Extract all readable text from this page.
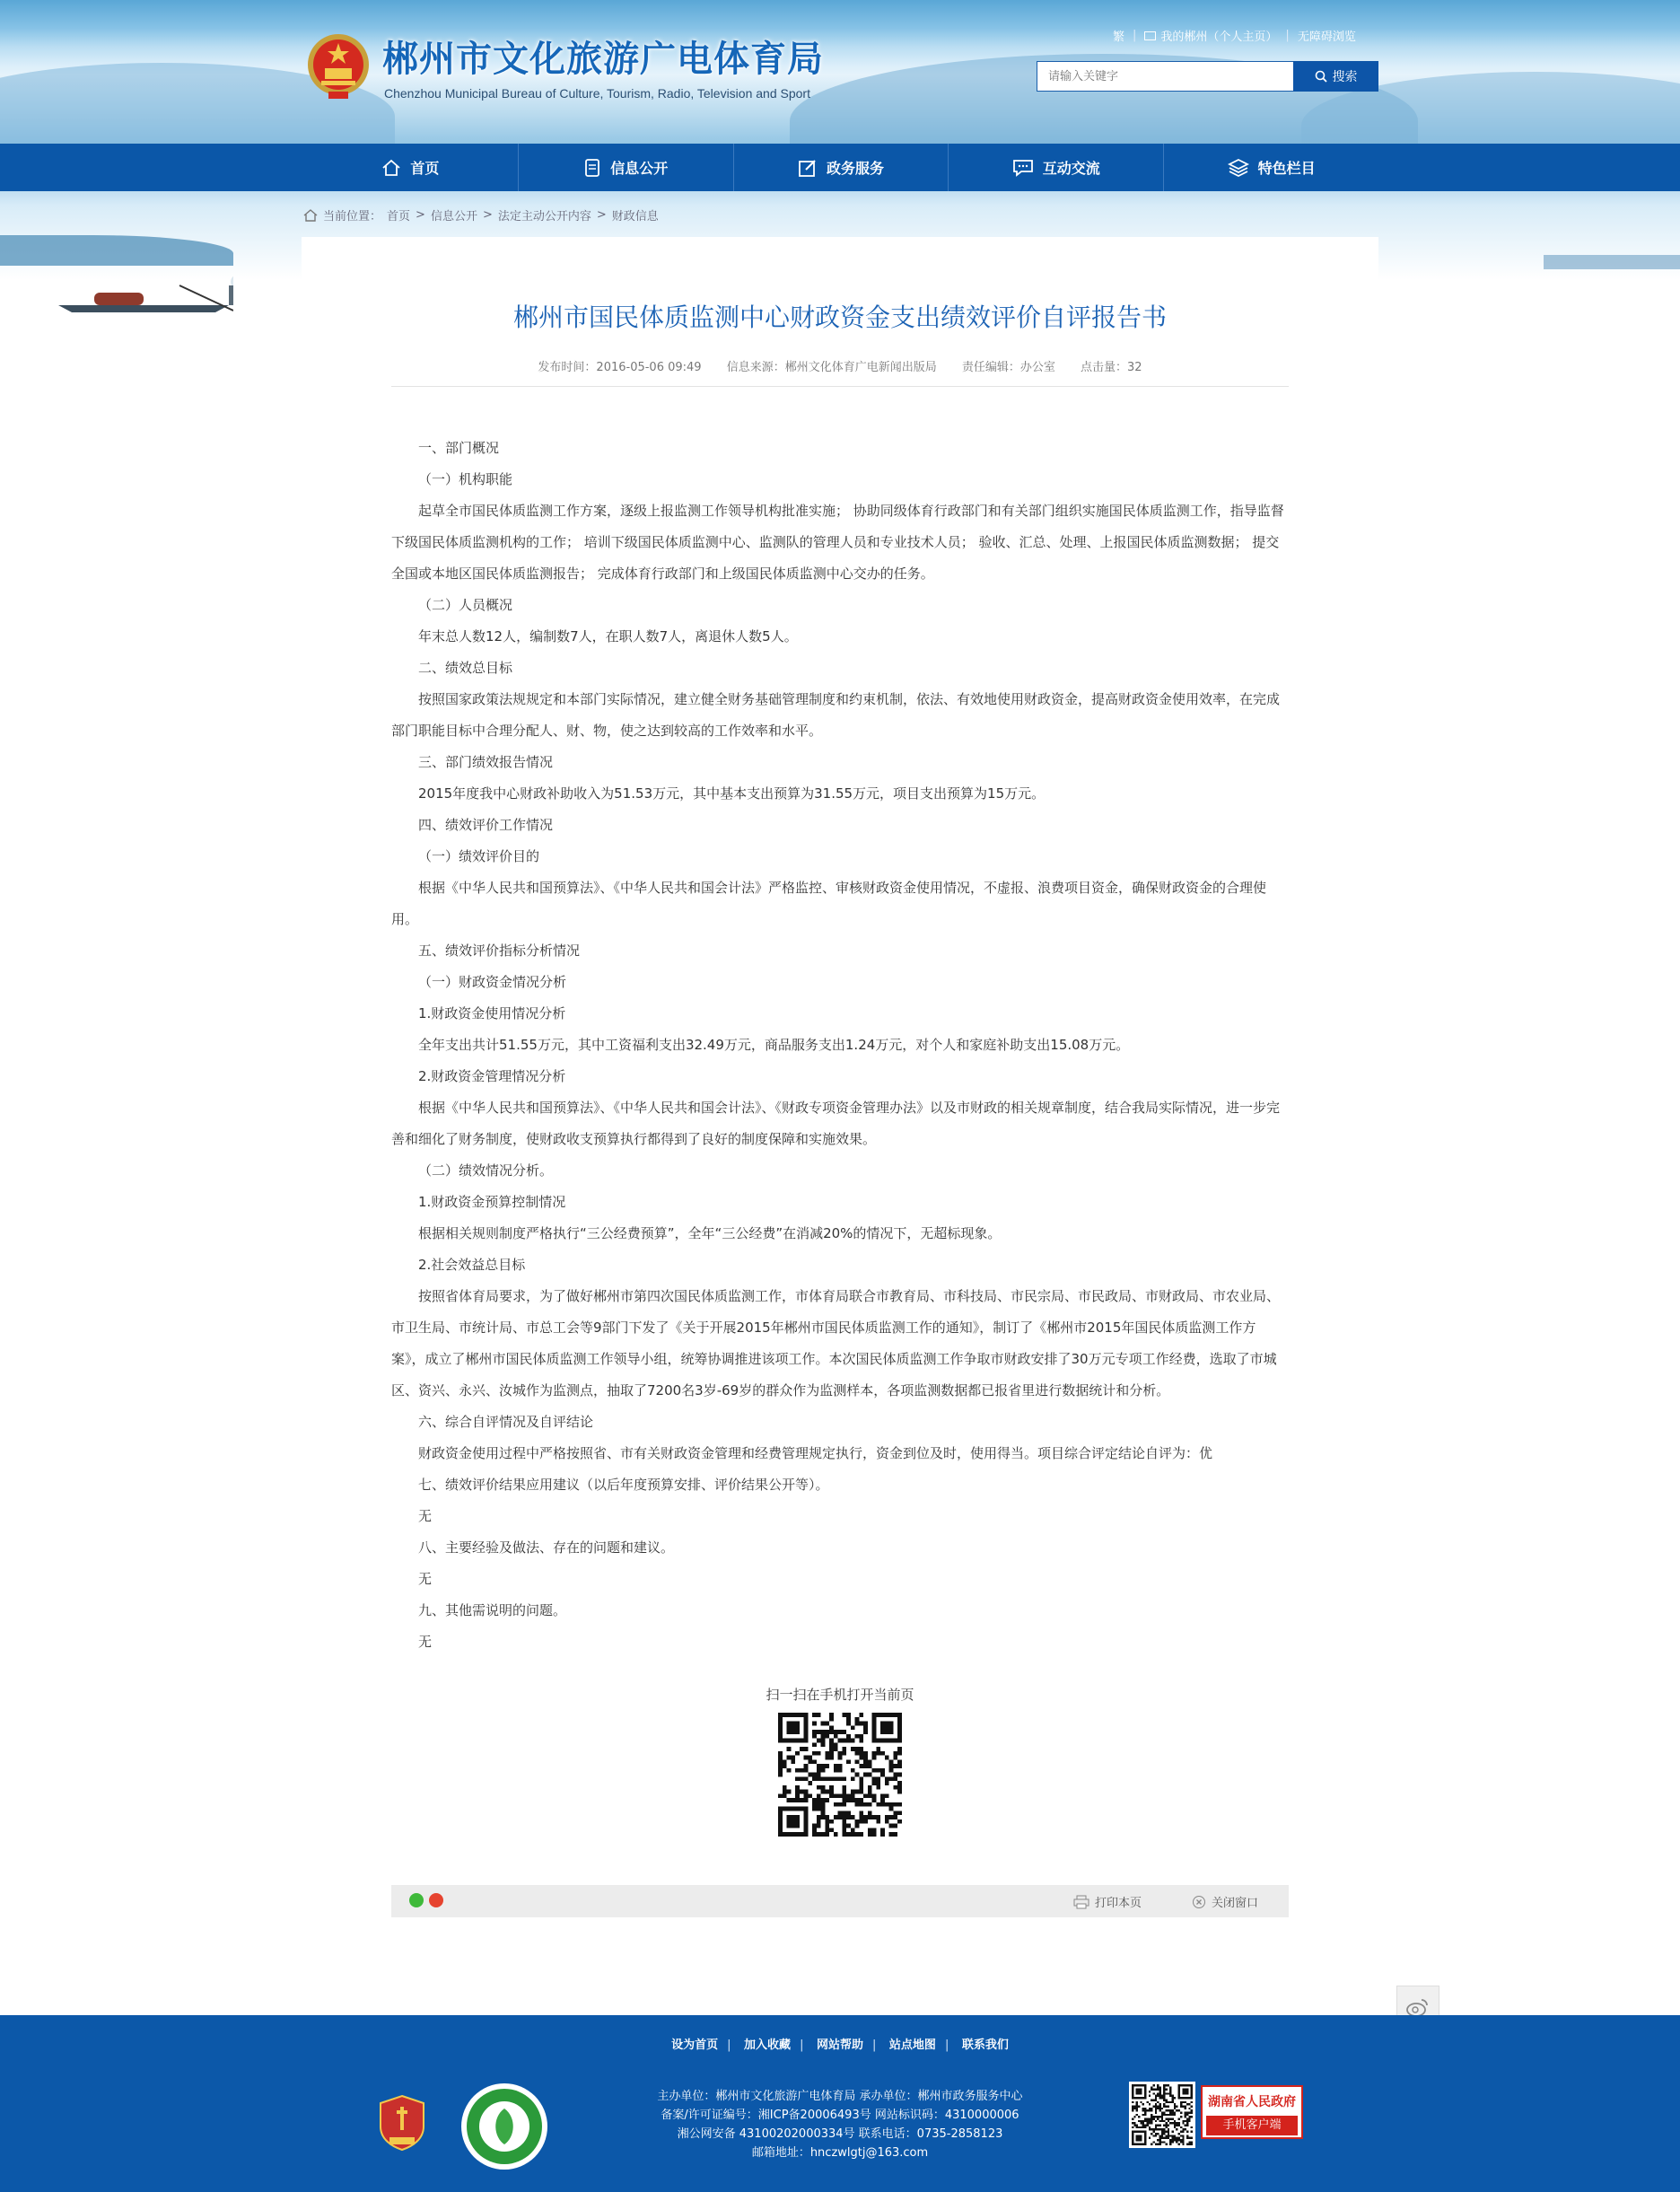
郴州市文化旅游广电体育局
Chenzhou Municipal Bureau of Culture, Tourism, Radio, Television and Sport
繁 | 我的郴州（个人主页） | 无障碍浏览
请输入关键字
搜索
首页	信息公开	政务服务	互动交流	特色栏目
当前位置： 首页 > 信息公开 > 法定主动公开内容 > 财政信息
郴州市国民体质监测中心财政资金支出绩效评价自评报告书
发布时间：2016-05-06 09:49 信息来源：郴州文化体育广电新闻出版局 责任编辑：办公室 点击量：32

一、部门概况

（一）机构职能

起草全市国民体质监测工作方案，逐级上报监测工作领导机构批准实施； 协助同级体育行政部门和有关部门组织实施国民体质监测工作，指导监督下级国民体质监测机构的工作； 培训下级国民体质监测中心、监测队的管理人员和专业技术人员； 验收、汇总、处理、上报国民体质监测数据； 提交全国或本地区国民体质监测报告； 完成体育行政部门和上级国民体质监测中心交办的任务。

（二）人员概况

年末总人数12人，编制数7人，在职人数7人，离退休人数5人。

二、绩效总目标

按照国家政策法规规定和本部门实际情况，建立健全财务基础管理制度和约束机制，依法、有效地使用财政资金，提高财政资金使用效率，在完成部门职能目标中合理分配人、财、物，使之达到较高的工作效率和水平。

三、部门绩效报告情况

2015年度我中心财政补助收入为51.53万元，其中基本支出预算为31.55万元，项目支出预算为15万元。

四、绩效评价工作情况

（一）绩效评价目的

根据《中华人民共和国预算法》、《中华人民共和国会计法》严格监控、审核财政资金使用情况，不虚报、浪费项目资金，确保财政资金的合理使用。

五、绩效评价指标分析情况

（一）财政资金情况分析

1.财政资金使用情况分析

全年支出共计51.55万元，其中工资福利支出32.49万元，商品服务支出1.24万元，对个人和家庭补助支出15.08万元。

2.财政资金管理情况分析

根据《中华人民共和国预算法》、《中华人民共和国会计法》、《财政专项资金管理办法》以及市财政的相关规章制度，结合我局实际情况，进一步完善和细化了财务制度，使财政收支预算执行都得到了良好的制度保障和实施效果。

（二）绩效情况分析。

1.财政资金预算控制情况

根据相关规则制度严格执行“三公经费预算”，全年“三公经费”在消减20%的情况下，无超标现象。

2.社会效益总目标

按照省体育局要求，为了做好郴州市第四次国民体质监测工作，市体育局联合市教育局、市科技局、市民宗局、市民政局、市财政局、市农业局、市卫生局、市统计局、市总工会等9部门下发了《关于开展2015年郴州市国民体质监测工作的通知》，制订了《郴州市2015年国民体质监测工作方案》，成立了郴州市国民体质监测工作领导小组，统筹协调推进该项工作。本次国民体质监测工作争取市财政安排了30万元专项工作经费，选取了市城区、资兴、永兴、汝城作为监测点，抽取了7200名3岁-69岁的群众作为监测样本，各项监测数据都已报省里进行数据统计和分析。

六、综合自评情况及自评结论

财政资金使用过程中严格按照省、市有关财政资金管理和经费管理规定执行，资金到位及时，使用得当。项目综合评定结论自评为：优

七、绩效评价结果应用建议（以后年度预算安排、评价结果公开等）。

无

八、主要经验及做法、存在的问题和建议。

无

九、其他需说明的问题。

无

扫一扫在手机打开当前页
打印本页	关闭窗口
设为首页 | 加入收藏 | 网站帮助 | 站点地图 | 联系我们
主办单位：郴州市文化旅游广电体育局 承办单位：郴州市政务服务中心
备案/许可证编号：湘ICP备20006493号 网站标识码：4310000006
湘公网安备 43100202000334号 联系电话：0735-2858123
邮箱地址：hnczwlgtj@163.com
湖南省人民政府
手机客户端
